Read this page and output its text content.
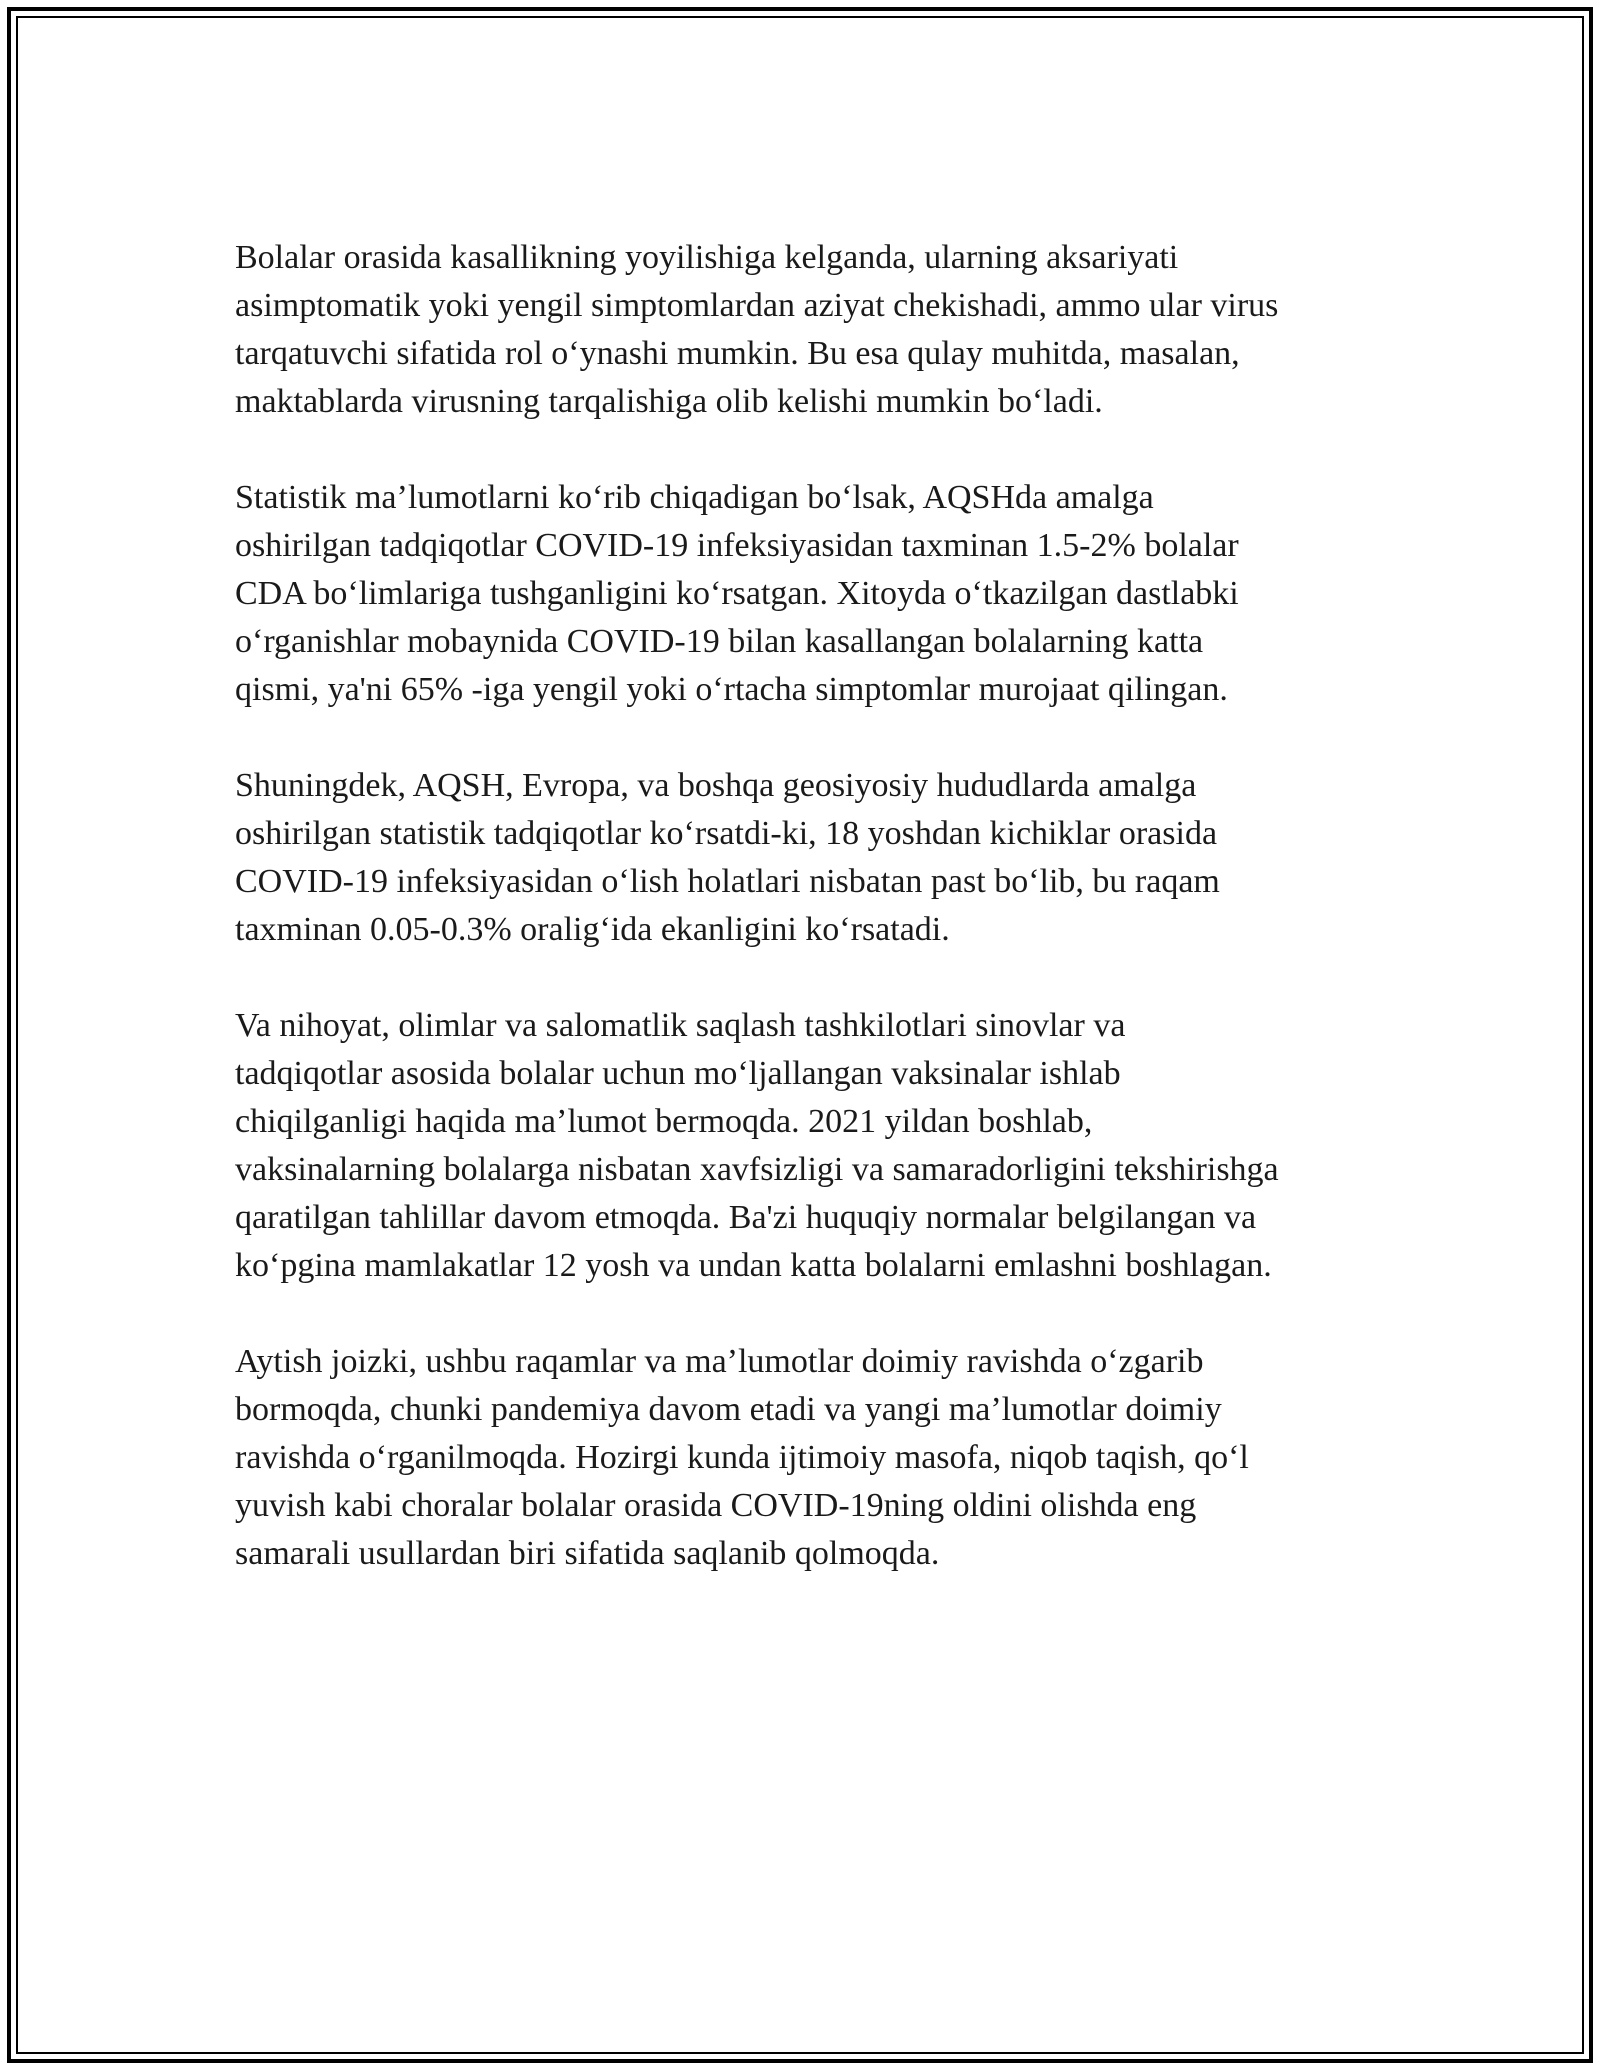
Bolalar orasida kasallikning yoyilishiga kelganda, ularning aksariyati
asimptomatik yoki yengil simptomlardan aziyat chekishadi, ammo ular virus
tarqatuvchi sifatida rol o‘ynashi mumkin. Bu esa qulay muhitda, masalan,
maktablarda virusning tarqalishiga olib kelishi mumkin bo‘ladi.

Statistik ma’lumotlarni ko‘rib chiqadigan bo‘lsak, AQSHda amalga
oshirilgan tadqiqotlar COVID-19 infeksiyasidan taxminan 1.5-2% bolalar
CDA bo‘limlariga tushganligini ko‘rsatgan. Xitoyda o‘tkazilgan dastlabki
o‘rganishlar mobaynida COVID-19 bilan kasallangan bolalarning katta
qismi, ya'ni 65% -iga yengil yoki o‘rtacha simptomlar murojaat qilingan.

Shuningdek, AQSH, Evropa, va boshqa geosiyosiy hududlarda amalga
oshirilgan statistik tadqiqotlar ko‘rsatdi-ki, 18 yoshdan kichiklar orasida
COVID-19 infeksiyasidan o‘lish holatlari nisbatan past bo‘lib, bu raqam
taxminan 0.05-0.3% oralig‘ida ekanligini ko‘rsatadi.

Va nihoyat, olimlar va salomatlik saqlash tashkilotlari sinovlar va
tadqiqotlar asosida bolalar uchun mo‘ljallangan vaksinalar ishlab
chiqilganligi haqida ma’lumot bermoqda. 2021 yildan boshlab,
vaksinalarning bolalarga nisbatan xavfsizligi va samaradorligini tekshirishga
qaratilgan tahlillar davom etmoqda. Ba'zi huquqiy normalar belgilangan va
ko‘pgina mamlakatlar 12 yosh va undan katta bolalarni emlashni boshlagan.

Aytish joizki, ushbu raqamlar va ma’lumotlar doimiy ravishda o‘zgarib
bormoqda, chunki pandemiya davom etadi va yangi ma’lumotlar doimiy
ravishda o‘rganilmoqda. Hozirgi kunda ijtimoiy masofa, niqob taqish, qo‘l
yuvish kabi choralar bolalar orasida COVID-19ning oldini olishda eng
samarali usullardan biri sifatida saqlanib qolmoqda.
